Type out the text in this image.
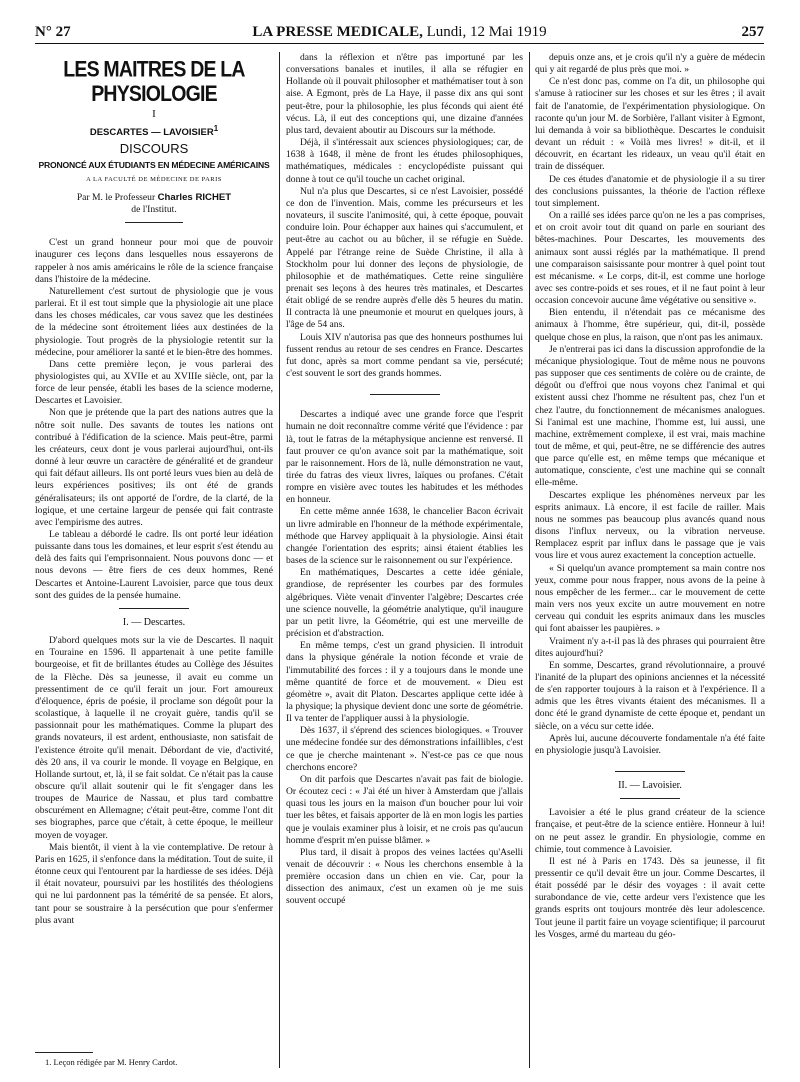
N° 27	LA PRESSE MEDICALE, Lundi, 12 Mai 1919	257
LES MAITRES DE LA PHYSIOLOGIE
I
DESCARTES — LAVOISIER$^1$
DISCOURS
PRONONCÉ AUX ÉTUDIANTS EN MÉDECINE AMÉRICAINS
A LA FACULTÉ DE MÉDECINE DE PARIS
Par M. le Professeur Charles RICHET
de l'Institut.

C'est un grand honneur pour moi que de pouvoir inaugurer ces leçons dans lesquelles nous essayerons de rappeler à nos amis américains le rôle de la science française dans l'histoire de la médecine.

Naturellement c'est surtout de physiologie que je vous parlerai. Et il est tout simple que la physiologie ait une place dans les choses médicales, car vous savez que les destinées de la médecine sont étroitement liées aux destinées de la physiologie. Tout progrès de la physiologie retentit sur la médecine, pour améliorer la santé et le bien-être des hommes.

Dans cette première leçon, je vous parlerai des physiologistes qui, au XVIIe et au XVIIIe siècle, ont, par la force de leur pensée, établi les bases de la science moderne, Descartes et Lavoisier.

Non que je prétende que la part des nations autres que la nôtre soit nulle. Des savants de toutes les nations ont contribué à l'édification de la science. Mais peut-être, parmi les créateurs, ceux dont je vous parlerai aujourd'hui, ont-ils donné à leur œuvre un caractère de généralité et de grandeur qui fait défaut ailleurs. Ils ont porté leurs vues bien au delà de leurs expériences positives; ils ont été de grands généralisateurs; ils ont apporté de l'ordre, de la clarté, de la logique, et une certaine largeur de pensée qui fait contraste avec l'empirisme des autres.

Le tableau a débordé le cadre. Ils ont porté leur idéation puissante dans tous les domaines, et leur esprit s'est étendu au delà des faits qui l'emprisonnaient. Nous pouvons donc — et nous devons — être fiers de ces deux hommes, René Descartes et Antoine-Laurent Lavoisier, parce que tous deux sont des guides de la pensée humaine.

I. — Descartes.

D'abord quelques mots sur la vie de Descartes. Il naquit en Touraine en 1596. Il appartenait à une petite famille bourgeoise, et fit de brillantes études au Collège des Jésuites de la Flèche. Dès sa jeunesse, il avait eu comme un pressentiment de ce qu'il ferait un jour. Fort amoureux d'éloquence, épris de poésie, il proclame son dégoût pour la scolastique, à laquelle il ne croyait guère, tandis qu'il se passionnait pour les mathématiques. Comme la plupart des grands novateurs, il est ardent, enthousiaste, non satisfait de l'existence étroite qu'il menait. Débordant de vie, d'activité, dès 20 ans, il va courir le monde. Il voyage en Belgique, en Hollande surtout, et, là, il se fait soldat. Ce n'était pas la cause obscure qu'il allait soutenir qui le fit s'engager dans les troupes de Maurice de Nassau, et plus tard combattre obscurément en Allemagne; c'était peut-être, comme l'ont dit ses biographes, parce que c'était, à cette époque, le meilleur moyen de voyager.

Mais bientôt, il vient à la vie contemplative. De retour à Paris en 1625, il s'enfonce dans la méditation. Tout de suite, il étonne ceux qui l'entourent par la hardiesse de ses idées. Déjà il était novateur, poursuivi par les hostilités des théologiens qui ne lui pardonnent pas la témérité de sa pensée. Et alors, tant pour se soustraire à la persécution que pour s'enfermer plus avant

1. Leçon rédigée par M. Henry Cardot.

dans la réflexion et n'être pas importuné par les conversations banales et inutiles, il alla se réfugier en Hollande où il pouvait philosopher et mathématiser tout à son aise. A Egmont, près de La Haye, il passe dix ans qui sont peut-être, pour la philosophie, les plus féconds qui aient été vécus. Là, il eut des conceptions qui, une dizaine d'années plus tard, devaient aboutir au Discours sur la méthode.

Déjà, il s'intéressait aux sciences physiologiques; car, de 1638 à 1648, il mène de front les études philosophiques, mathématiques, médicales : encyclopédiste puissant qui donne à tout ce qu'il touche un cachet original.

Nul n'a plus que Descartes, si ce n'est Lavoisier, possédé ce don de l'invention. Mais, comme les précurseurs et les novateurs, il suscite l'animosité, qui, à cette époque, pouvait conduire loin. Pour échapper aux haines qui s'accumulent, et peut-être au cachot ou au bûcher, il se réfugie en Suède. Appelé par l'étrange reine de Suède Christine, il alla à Stockholm pour lui donner des leçons de physiologie, de philosophie et de mathématiques. Cette reine singulière prenait ses leçons à des heures très matinales, et Descartes était obligé de se rendre auprès d'elle dès 5 heures du matin. Il contracta là une pneumonie et mourut en quelques jours, à l'âge de 54 ans.

Louis XIV n'autorisa pas que des honneurs posthumes lui fussent rendus au retour de ses cendres en France. Descartes fut donc, après sa mort comme pendant sa vie, persécuté; c'est souvent le sort des grands hommes.

Descartes a indiqué avec une grande force que l'esprit humain ne doit reconnaître comme vérité que l'évidence : par là, tout le fatras de la métaphysique ancienne est renversé. Il faut prouver ce qu'on avance soit par la mathématique, soit par le raisonnement. Hors de là, nulle démonstration ne vaut, tirée du fatras des vieux livres, laïques ou profanes. C'était rompre en visière avec toutes les habitudes et les méthodes en honneur.

En cette même année 1638, le chancelier Bacon écrivait un livre admirable en l'honneur de la méthode expérimentale, méthode que Harvey appliquait à la physiologie. Ainsi était changée l'orientation des esprits; ainsi étaient établies les bases de la science sur le raisonnement ou sur l'expérience.

En mathématiques, Descartes a cette idée géniale, grandiose, de représenter les courbes par des formules algébriques. Viète venait d'inventer l'algèbre; Descartes crée une science nouvelle, la géométrie analytique, qu'il inaugure par un petit livre, la Géométrie, qui est une merveille de précision et d'abstraction.

En même temps, c'est un grand physicien. Il introduit dans la physique générale la notion féconde et vraie de l'immutabilité des forces : il y a toujours dans le monde une même quantité de force et de mouvement. « Dieu est géomètre », avait dit Platon. Descartes applique cette idée à la physique; la physique devient donc une sorte de géométrie. Il va tenter de l'appliquer aussi à la physiologie.

Dès 1637, il s'éprend des sciences biologiques. « Trouver une médecine fondée sur des démonstrations infaillibles, c'est ce que je cherche maintenant ». N'est-ce pas ce que nous cherchons encore?

On dit parfois que Descartes n'avait pas fait de biologie. Or écoutez ceci : « J'ai été un hiver à Amsterdam que j'allais quasi tous les jours en la maison d'un boucher pour lui voir tuer les bêtes, et faisais apporter de là en mon logis les parties que je voulais examiner plus à loisir, et ne crois pas qu'aucun homme d'esprit m'en puisse blâmer. »

Plus tard, il disait à propos des veines lactées qu'Aselli venait de découvrir : « Nous les cherchons ensemble à la première occasion dans un chien en vie. Car, pour la dissection des animaux, c'est un examen où je me suis souvent occupé

depuis onze ans, et je crois qu'il n'y a guère de médecin qui y ait regardé de plus près que moi. »

Ce n'est donc pas, comme on l'a dit, un philosophe qui s'amuse à ratiociner sur les choses et sur les êtres ; il avait fait de l'anatomie, de l'expérimentation physiologique. On raconte qu'un jour M. de Sorbière, l'allant visiter à Egmont, lui demanda à voir sa bibliothèque. Descartes le conduisit devant un réduit : « Voilà mes livres! » dit-il, et il découvrit, en écartant les rideaux, un veau qu'il était en train de disséquer.

De ces études d'anatomie et de physiologie il a su tirer des conclusions puissantes, la théorie de l'action réflexe tout simplement.

On a raillé ses idées parce qu'on ne les a pas comprises, et on croit avoir tout dit quand on parle en souriant des bêtes-machines. Pour Descartes, les mouvements des animaux sont aussi réglés par la mathématique. Il prend une comparaison saisissante pour montrer à quel point tout est mécanisme. « Le corps, dit-il, est comme une horloge avec ses contre-poids et ses roues, et il ne faut point à leur occasion concevoir aucune âme végétative ou sensitive ».

Bien entendu, il n'étendait pas ce mécanisme des animaux à l'homme, être supérieur, qui, dit-il, possède quelque chose en plus, la raison, que n'ont pas les animaux.

Je n'entrerai pas ici dans la discussion approfondie de la mécanique physiologique. Tout de même nous ne pouvons pas supposer que ces sentiments de colère ou de crainte, de dégoût ou d'effroi que nous voyons chez l'animal et qui existent aussi chez l'homme ne résultent pas, chez l'un et chez l'autre, du fonctionnement de mécanismes analogues. Si l'animal est une machine, l'homme est, lui aussi, une machine, extrêmement complexe, il est vrai, mais machine tout de même, et qui, peut-être, ne se différencie des autres que parce qu'elle est, en même temps que mécanique et automatique, consciente, c'est une machine qui se connaît elle-même.

Descartes explique les phénomènes nerveux par les esprits animaux. Là encore, il est facile de railler. Mais nous ne sommes pas beaucoup plus avancés quand nous disons l'influx nerveux, ou la vibration nerveuse. Remplacez esprit par influx dans le passage que je vais vous lire et vous aurez exactement la conception actuelle.

« Si quelqu'un avance promptement sa main contre nos yeux, comme pour nous frapper, nous avons de la peine à nous empêcher de les fermer... car le mouvement de cette main vers nos yeux excite un autre mouvement en notre cerveau qui conduit les esprits animaux dans les muscles qui font abaisser les paupières. »

Vraiment n'y a-t-il pas là des phrases qui pourraient être dites aujourd'hui?

En somme, Descartes, grand révolutionnaire, a prouvé l'inanité de la plupart des opinions anciennes et la nécessité de s'en rapporter toujours à la raison et à l'expérience. Il a admis que les êtres vivants étaient des mécanismes. Il a donc été le grand dynamiste de cette époque et, pendant un siècle, on a vécu sur cette idée.

Après lui, aucune découverte fondamentale n'a été faite en physiologie jusqu'à Lavoisier.

II. — Lavoisier.

Lavoisier a été le plus grand créateur de la science française, et peut-être de la science entière. Honneur à lui! on ne peut assez le grandir. En physiologie, comme en chimie, tout commence à Lavoisier.

Il est né à Paris en 1743. Dès sa jeunesse, il fit pressentir ce qu'il devait être un jour. Comme Descartes, il était possédé par le désir des voyages : il avait cette surabondance de vie, cette ardeur vers l'existence que les grands esprits ont toujours montrée dès leur adolescence. Tout jeune il partit faire un voyage scientifique; il parcourut les Vosges, armé du marteau du géo-
